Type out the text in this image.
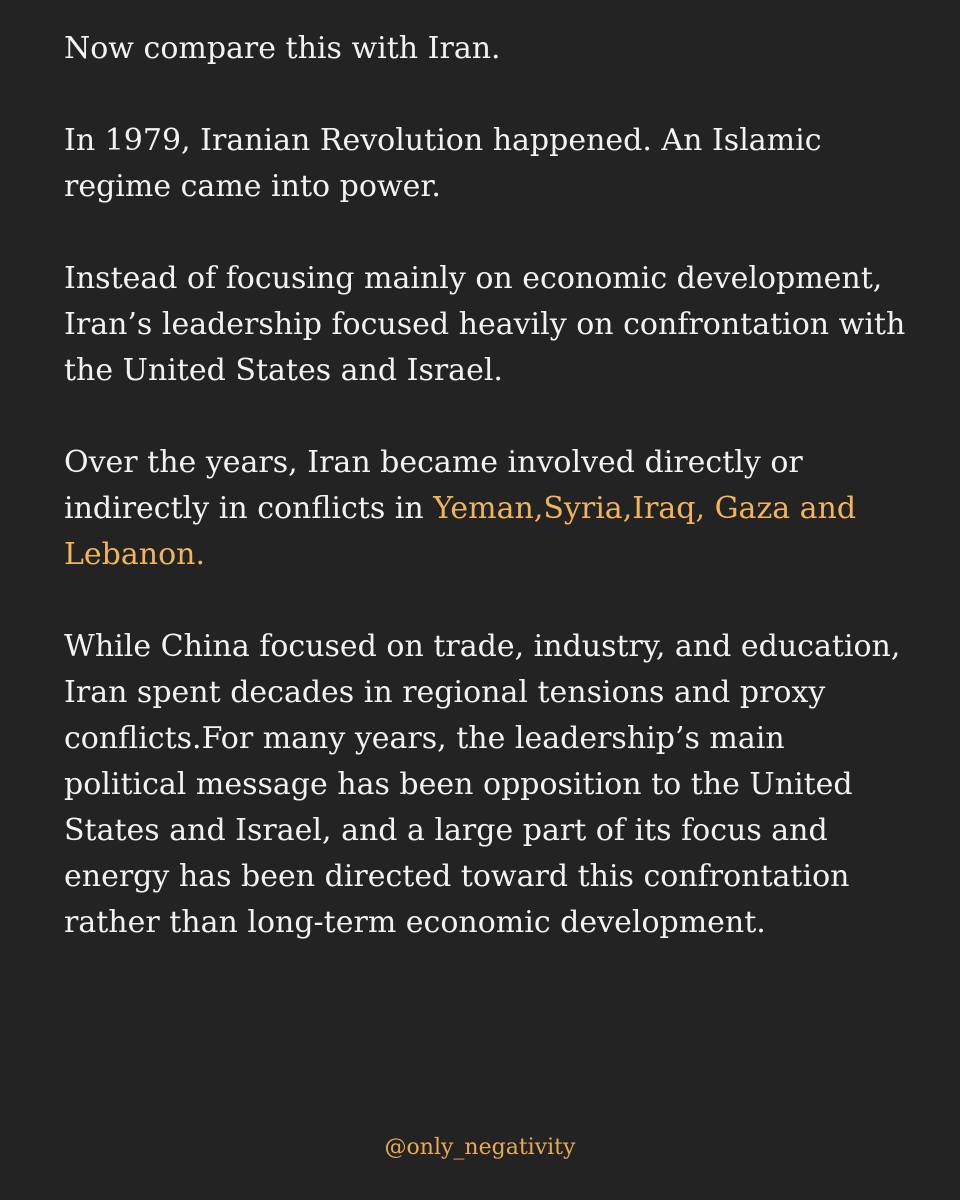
Now compare this with Iran.

In 1979, Iranian Revolution happened. An Islamic regime came into power.

Instead of focusing mainly on economic development, Iran’s leadership focused heavily on confrontation with the United States and Israel.

Over the years, Iran became involved directly or indirectly in conflicts in Yeman,Syria,Iraq, Gaza and Lebanon.

While China focused on trade, industry, and education, Iran spent decades in regional tensions and proxy conflicts.For many years, the leadership’s main political message has been opposition to the United States and Israel, and a large part of its focus and energy has been directed toward this confrontation rather than long-term economic development.

@only_negativity
